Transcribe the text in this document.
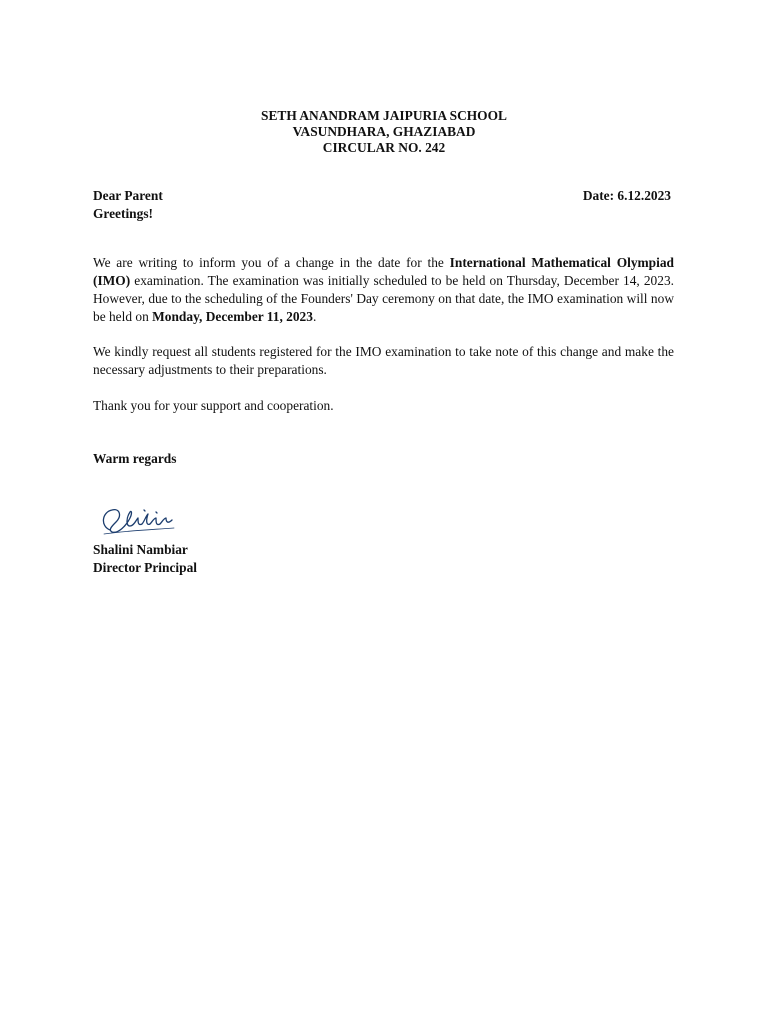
SETH ANANDRAM JAIPURIA SCHOOL
VASUNDHARA, GHAZIABAD
CIRCULAR NO. 242
Dear Parent	Date: 6.12.2023
Greetings!

We are writing to inform you of a change in the date for the International Mathematical Olympiad (IMO) examination. The examination was initially scheduled to be held on Thursday, December 14, 2023. However, due to the scheduling of the Founders' Day ceremony on that date, the IMO examination will now be held on Monday, December 11, 2023.

We kindly request all students registered for the IMO examination to take note of this change and make the necessary adjustments to their preparations.

Thank you for your support and cooperation.

Warm regards
Shalini Nambiar
Director Principal
